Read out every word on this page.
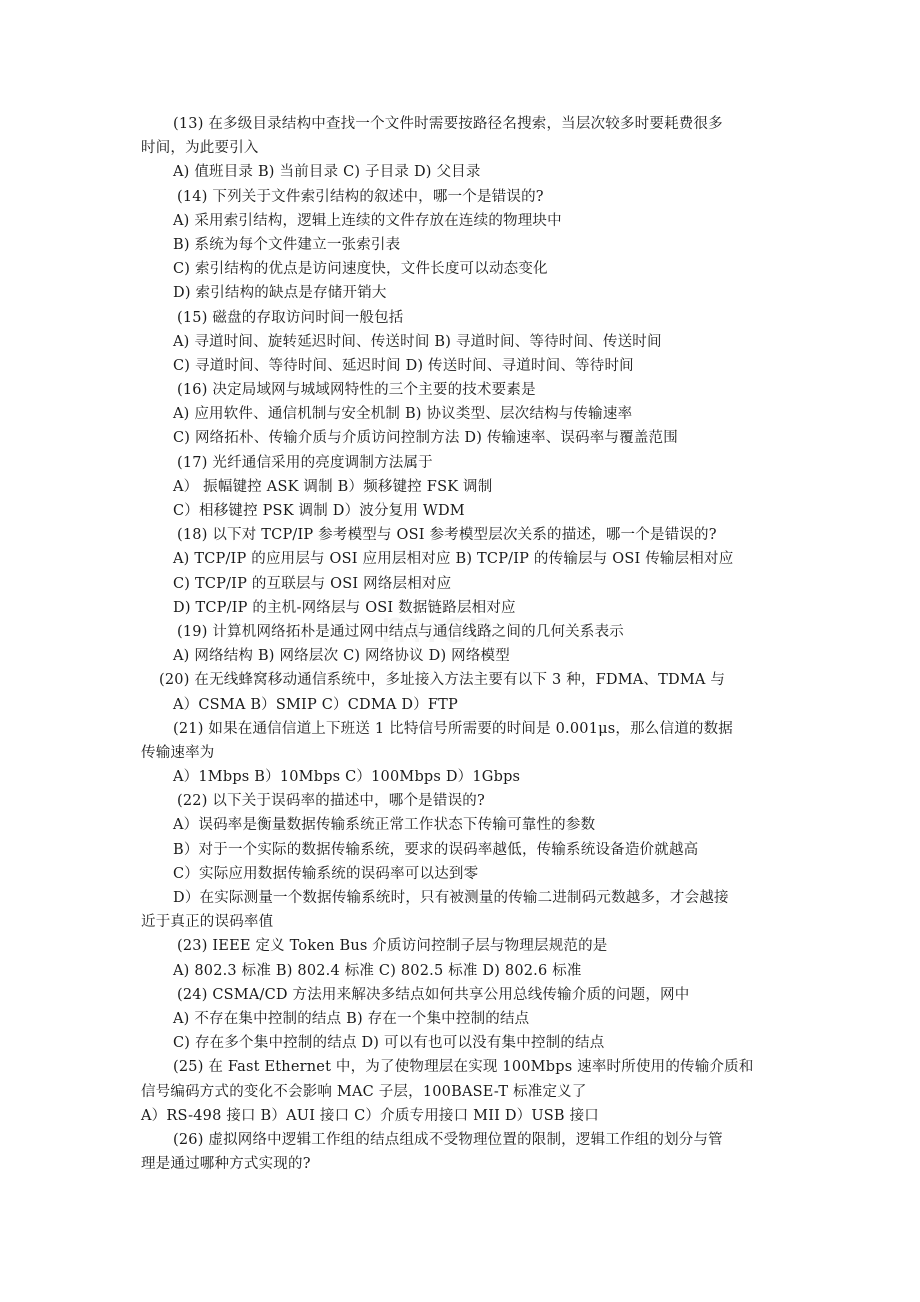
(13) 在多级目录结构中查找一个文件时需要按路径名搜索，当层次较多时要耗费很多
时间，为此要引入
A) 值班目录 B) 当前目录 C) 子目录 D) 父目录
(14) 下列关于文件索引结构的叙述中，哪一个是错误的?
A) 采用索引结构，逻辑上连续的文件存放在连续的物理块中
B) 系统为每个文件建立一张索引表
C) 索引结构的优点是访问速度快，文件长度可以动态变化
D) 索引结构的缺点是存储开销大
(15) 磁盘的存取访问时间一般包括
A) 寻道时间、旋转延迟时间、传送时间 B) 寻道时间、等待时间、传送时间
C) 寻道时间、等待时间、延迟时间 D) 传送时间、寻道时间、等待时间
(16) 决定局域网与城域网特性的三个主要的技术要素是
A) 应用软件、通信机制与安全机制 B) 协议类型、层次结构与传输速率
C) 网络拓朴、传输介质与介质访问控制方法 D) 传输速率、误码率与覆盖范围
(17) 光纤通信采用的亮度调制方法属于
A） 振幅键控 ASK 调制 B）频移键控 FSK 调制
C）相移键控 PSK 调制 D）波分复用 WDM
(18) 以下对 TCP/IP 参考模型与 OSI 参考模型层次关系的描述，哪一个是错误的?
A) TCP/IP 的应用层与 OSI 应用层相对应 B) TCP/IP 的传输层与 OSI 传输层相对应
C) TCP/IP 的互联层与 OSI 网络层相对应
D) TCP/IP 的主机-网络层与 OSI 数据链路层相对应
(19) 计算机网络拓朴是通过网中结点与通信线路之间的几何关系表示
A) 网络结构 B) 网络层次 C) 网络协议 D) 网络模型
(20) 在无线蜂窝移动通信系统中，多址接入方法主要有以下 3 种，FDMA、TDMA 与
A）CSMA B）SMIP C）CDMA D）FTP
(21) 如果在通信信道上下班送 1 比特信号所需要的时间是 0.001μs，那么信道的数据
传输速率为
A）1Mbps B）10Mbps C）100Mbps D）1Gbps
(22) 以下关于误码率的描述中，哪个是错误的?
A）误码率是衡量数据传输系统正常工作状态下传输可靠性的参数
B）对于一个实际的数据传输系统，要求的误码率越低，传输系统设备造价就越高
C）实际应用数据传输系统的误码率可以达到零
D）在实际测量一个数据传输系统时，只有被测量的传输二进制码元数越多，才会越接
近于真正的误码率值
(23) IEEE 定义 Token Bus 介质访问控制子层与物理层规范的是
A) 802.3 标准 B) 802.4 标准 C) 802.5 标准 D) 802.6 标准
(24) CSMA/CD 方法用来解决多结点如何共享公用总线传输介质的问题，网中
A) 不存在集中控制的结点 B) 存在一个集中控制的结点
C) 存在多个集中控制的结点 D) 可以有也可以没有集中控制的结点
(25) 在 Fast Ethernet 中，为了使物理层在实现 100Mbps 速率时所使用的传输介质和
信号编码方式的变化不会影响 MAC 子层，100BASE-T 标准定义了
A）RS-498 接口 B）AUI 接口 C）介质专用接口 MII D）USB 接口
(26) 虚拟网络中逻辑工作组的结点组成不受物理位置的限制，逻辑工作组的划分与管
理是通过哪种方式实现的?
